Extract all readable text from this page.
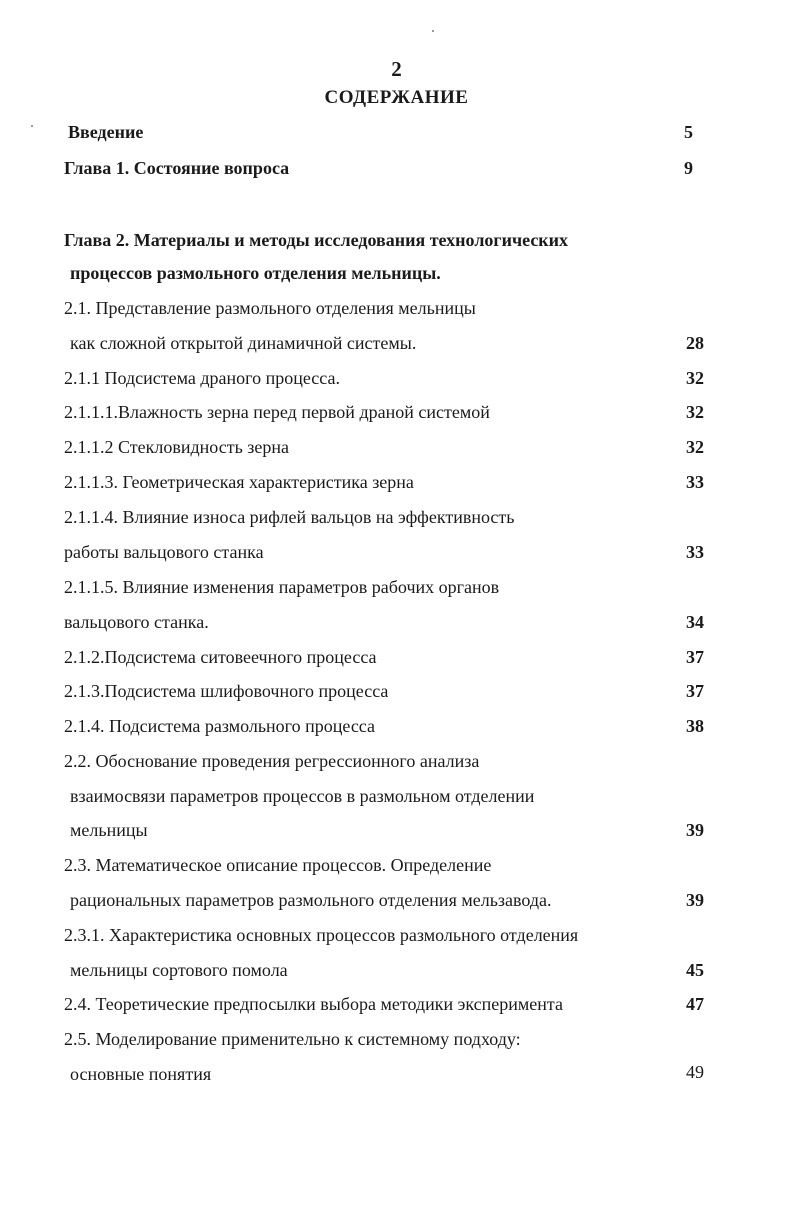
2
СОДЕРЖАНИЕ
Введение	5
Глава 1. Состояние вопроса	9
Глава 2. Материалы и методы исследования технологических
процессов размольного отделения мельницы.
2.1. Представление размольного отделения мельницы
как сложной открытой динамичной системы.	28
2.1.1 Подсистема драного процесса.	32
2.1.1.1.Влажность зерна перед первой драной системой	32
2.1.1.2 Стекловидность зерна	32
2.1.1.3. Геометрическая характеристика зерна	33
2.1.1.4. Влияние износа рифлей вальцов на эффективность
работы вальцового станка	33
2.1.1.5. Влияние изменения параметров рабочих органов
вальцового станка.	34
2.1.2.Подсистема ситовеечного процесса	37
2.1.3.Подсистема шлифовочного процесса	37
2.1.4. Подсистема размольного процесса	38
2.2. Обоснование проведения регрессионного анализа
взаимосвязи параметров процессов в размольном отделении
мельницы	39
2.3. Математическое описание процессов. Определение
рациональных параметров размольного отделения мельзавода.	39
2.3.1. Характеристика основных процессов размольного отделения
мельницы сортового помола	45
2.4. Теоретические предпосылки выбора методики эксперимента	47
2.5. Моделирование применительно к системному подходу:
основные понятия	49
